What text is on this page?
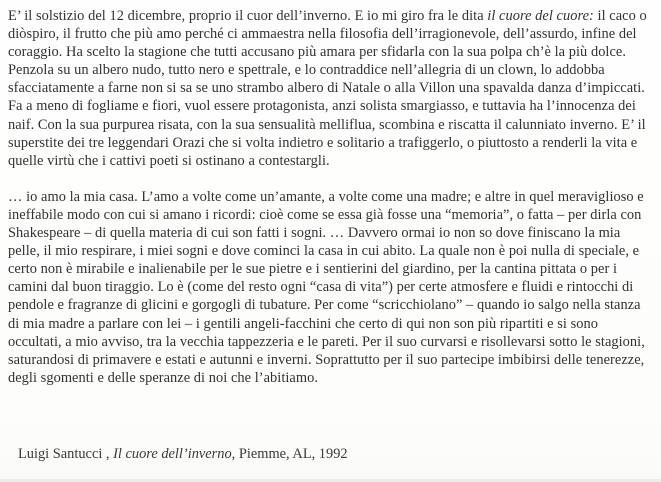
E’ il solstizio del 12 dicembre, proprio il cuor dell’inverno. E io mi giro fra le dita il cuore del cuore: il caco o diòspiro, il frutto che più amo perché ci ammaestra nella filosofia dell’irragionevole, dell’assurdo, infine del coraggio. Ha scelto la stagione che tutti accusano più amara per sfidarla con la sua polpa ch’è la più dolce. Penzola su un albero nudo, tutto nero e spettrale, e lo contraddice nell’allegria di un clown, lo addobba sfacciatamente a farne non si sa se uno strambo albero di Natale o alla Villon una spavalda danza d’impiccati. Fa a meno di fogliame e fiori, vuol essere protagonista, anzi solista smargiasso, e tuttavia ha l’innocenza dei naif. Con la sua purpurea risata, con la sua sensualità melliflua, scombina e riscatta il calunniato inverno. E’ il superstite dei tre leggendari Orazi che si volta indietro e solitario a trafiggerlo, o piuttosto a renderli la vita e quelle virtù che i cattivi poeti si ostinano a contestargli.

… io amo la mia casa. L’amo a volte come un’amante, a volte come una madre; e altre in quel meraviglioso e ineffabile modo con cui si amano i ricordi: cioè come se essa già fosse una “memoria”, o fatta – per dirla con Shakespeare – di quella materia di cui son fatti i sogni. … Davvero ormai io non so dove finiscano la mia pelle, il mio respirare, i miei sogni e dove cominci la casa in cui abito. La quale non è poi nulla di speciale, e certo non è mirabile e inalienabile per le sue pietre e i sentierini del giardino, per la cantina pittata o per i camini dal buon tiraggio. Lo è (come del resto ogni “casa di vita”) per certe atmosfere e fluidi e rintocchi di pendole e fragranze di glicini e gorgogli di tubature. Per come “scricchiolano” – quando io salgo nella stanza di mia madre a parlare con lei – i gentili angeli-facchini che certo di qui non son più ripartiti e si sono occultati, a mio avviso, tra la vecchia tappezzeria e le pareti. Per il suo curvarsi e risollevarsi sotto le stagioni, saturandosi di primavere e estati e autunni e inverni. Soprattutto per il suo partecipe imbibirsi delle tenerezze, degli sgomenti e delle speranze di noi che l’abitiamo.

Luigi Santucci , Il cuore dell’inverno, Piemme, AL, 1992
